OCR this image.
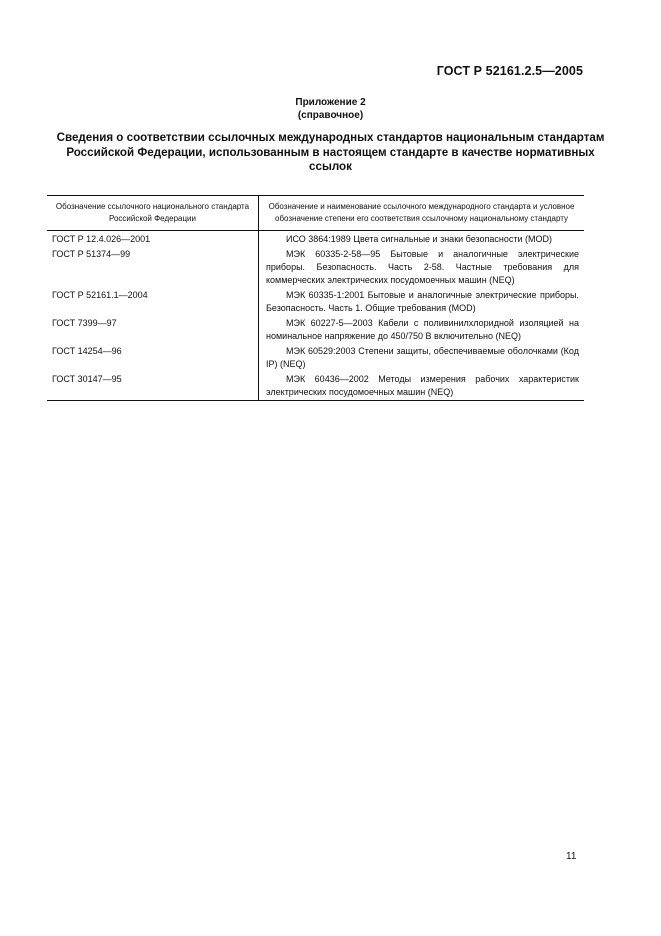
ГОСТ Р 52161.2.5—2005
Приложение 2
(справочное)
Сведения о соответствии ссылочных международных стандартов национальным стандартам
Российской Федерации, использованным в настоящем стандарте в качестве нормативных
ссылок
Обозначение ссылочного национального стандарта Российской Федерации	Обозначение и наименование ссылочного международного стандарта и условное обозначение степени его соответствия ссылочному национальному стандарту
ГОСТ Р 12.4.026—2001	ИСО 3864:1989 Цвета сигнальные и знаки безопасности (MOD)

ГОСТ Р 51374—99	МЭК 60335-2-58—95 Бытовые и аналогичные электрические приборы. Безопасность. Часть 2-58. Частные требования для коммерческих электрических посудомоечных машин (NEQ)

ГОСТ Р 52161.1—2004	МЭК 60335-1:2001 Бытовые и аналогичные электрические приборы. Безопасность. Часть 1. Общие требования (MOD)

ГОСТ 7399—97	МЭК 60227-5—2003 Кабели с поливинилхлоридной изоляцией на номинальное напряжение до 450/750 В включительно (NEQ)

ГОСТ 14254—96	МЭК 60529:2003 Степени защиты, обеспечиваемые оболочками (Код IP) (NEQ)

ГОСТ 30147—95	МЭК 60436—2002 Методы измерения рабочих характеристик электрических посудомоечных машин (NEQ)
11
